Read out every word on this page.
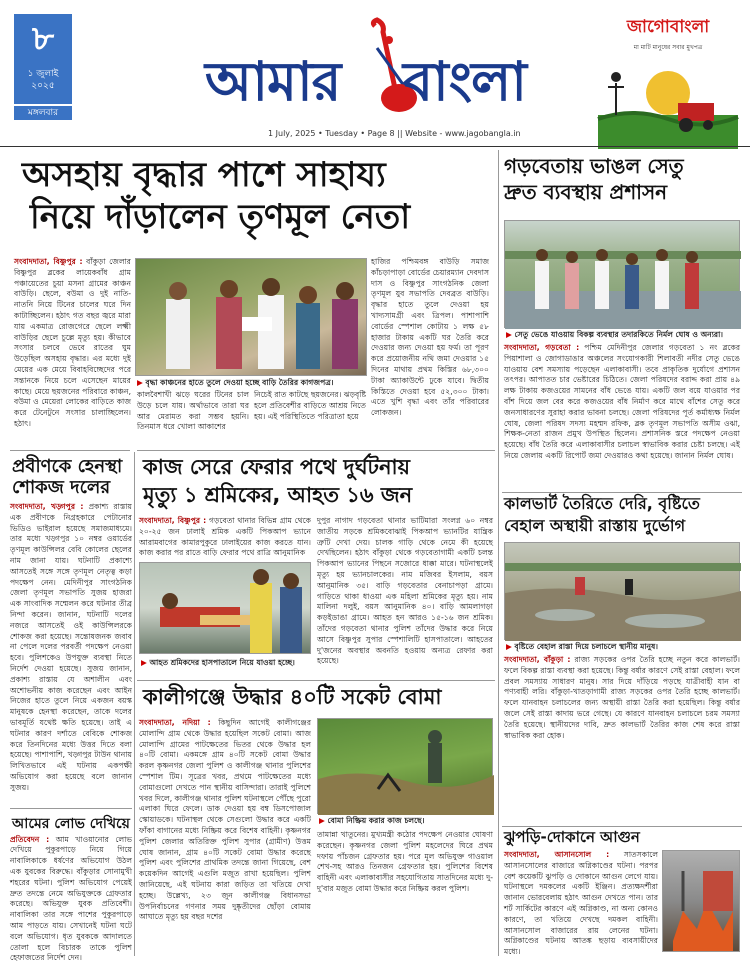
৮
১ জুলাই ২০২৫
মঙ্গলবার	আমার বাংলা
1 July, 2025 • Tuesday • Page 8 || Website - www.jagobangla.in
জাগোবাংলা
মা মাটি মানুষের সবার মুখপত্র
অসহায় বৃদ্ধার পাশে সাহায্য
নিয়ে দাঁড়ালেন তৃণমূল নেতা
সংবাদদাতা, বিষ্ণুপুর : বাঁকুড়া জেলার বিষ্ণুপুর ব্লকের লায়েকবাঁধ গ্রাম পঞ্চায়েতের চুয়া মসনা গ্রামের কাঞ্চন বাউড়ি। ছেলে, বউমা ও দুই নাতি-নাতনি নিয়ে টিনের চালের ঘরে দিন কাটাচ্ছিলেন। হঠাৎ গত বছর জ্বরে মারা যায় একমাত্র রোজগেরে ছেলে লক্ষ্মী বাউড়ির ছেলে চুল্লে মৃত্যু হয়। কীভাবে সংসার চলবে ভেবে রাতের ঘুম উড়েছিল অসহায় বৃদ্ধার। এর মধ্যে দুই মেয়ের এক মেয়ে বিবাহবিচ্ছেদের পরে সন্তানকে নিয়ে চলে এসেছেন মায়ের কাছে। মেয়ে ছয়জনের পরিবারে কাঞ্চন, বউমা ও মেয়েরা লোকের বাড়িতে কাজ করে টেনেটুনে সংসার চালাচ্ছিলেন। হঠাৎ।
▶ বৃদ্ধা কাঞ্চনের হাতে তুলে দেওয়া হচ্ছে বাড়ি তৈরির কাগজপত্র।
কালবৈশাখী ঝড়ে ঘরের টিনের চাল উড়ে চলে যায়। অর্থাভাবে তারা ঘর আর মেরামত করা সম্ভব হয়নি। তিনমাস ধরে খোলা আকাশের
নিচেই রাত কাটছে ছয়জনের। ঝড়বৃষ্টি হলে প্রতিবেশীর বাড়িতে আশ্রয় নিতে হয়। এই পরিস্থিতিতে পরিত্রাতা হয়ে
হাজির পশ্চিমবঙ্গ বাউড়ি সমাজ কাঁচড়াপাড়া বোর্ডের চেয়ারম্যান দেবদাস দাস ও বিষ্ণুপুর সাংগঠনিক জেলা তৃণমূল যুব সভাপতি দেবব্রত বাউড়ি। বৃদ্ধার হাতে তুলে দেওয়া হয় খাদ্যসামগ্রী এবং ত্রিপল। পাশাপাশি বোর্ডের স্পেশাল কোটায় ১ লক্ষ ৫৮ হাজার টাকায় একটি ঘর তৈরি করে দেওয়ার জন্য দেওয়া হয় ফর্ম। তা পূরণ করে প্রয়োজনীয় নথি জমা দেওয়ার ১৫ দিনের মাথায় প্রথম কিস্তির ৬৮,৩০০ টাকা অ্যাকাউন্টে ঢুকে যাবে। দ্বিতীয় কিস্তিতে দেওয়া হবে ৫২,৩০০ টাকা। এতে খুশি বৃদ্ধা এবং তাঁর পরিবারের লোকজন।
প্রবীণকে হেনস্থা শোকজ দলের
সংবাদদাতা, খড়্গপুর : প্রকাশ্য রাস্তায় এক প্রবীণকে নিগ্রহকারে পেটানোর ভিডিও ভাইরাল হয়েছে সমাজমাধ্যমে। তার মধ্যে খড়্গপুর ১০ নম্বর ওয়ার্ডের তৃণমূল কাউন্সিলর বেবি কোলের ছেলের নাম জানা যায়। ঘটনাটি প্রকাশ্যে আসতেই সঙ্গে সঙ্গে তৃণমূল নেতৃত্ব কড়া পদক্ষেপ নেন। মেদিনীপুর সাংগঠনিক জেলা তৃণমূল সভাপতি সুজয় হাজরা এক সাংবাদিক সম্মেলন করে ঘটনার তীব্র নিন্দা করেন। জানান, ঘটনাটি দলের নজরে আসতেই ওই কাউন্সিলরকে শোকজ করা হয়েছে। সন্তোষজনক জবাব না পেলে দলের পরবর্তী পদক্ষেপ নেওয়া হবে। পুলিশকেও উপযুক্ত ব্যবস্থা নিতে নির্দেশ দেওয়া হয়েছে। সুজয় জানান, প্রকাশ্য রাস্তায় যে অশালীন এবং অশোভনীয় কাজ করেছেন এবং আইন নিজের হাতে তুলে নিয়ে একজন বয়স্ক মানুষকে হেনস্থা করেছেন, তাকে দলের ভাবমূর্তি যথেষ্ট ক্ষতি হয়েছে। তাই এ ঘটনার কারণ দর্শাতে বেবিকে শোকজ করে তিনদিনের মধ্যে উত্তর দিতে বলা হয়েছে। পাশাপাশি, খড়্গপুর টাউন থানায় লিখিতভাবে এই ঘটনায় একপক্ষী অভিযোগ করা হয়েছে বলে জানান সুজয়।
আমের লোভ দেখিয়ে
প্রতিবেদন : আম খাওয়ানোর লোভ দেখিয়ে পুকুরপাড়ে নিয়ে গিয়ে নাবালিকাকে ধর্ষণের অভিযোগ উঠল এক যুবকের বিরুদ্ধে। বাঁকুড়ার সোনামুখী শহরের ঘটনা। পুলিশ অভিযোগ পেয়েই দ্রুত তদন্তে নেমে অভিযুক্তকে গ্রেফতার করেছে। অভিযুক্ত যুবক প্রতিবেশী। নাবালিকা তার সঙ্গে পাশের পুকুরপাড়ে আম পাড়তে যায়। সেখানেই ঘটনা ঘটে বলে অভিযোগ। ধৃত যুবককে আদালতে তোলা হলে বিচারক তাকে পুলিশ হেফাজতের নির্দেশ দেন।
কাজ সেরে ফেরার পথে দুর্ঘটনায়
মৃত্যু ১ শ্রমিকের, আহত ১৬ জন
সংবাদদাতা, বিষ্ণুপুর : গড়বেতা থানার বিভিন্ন গ্রাম থেকে ২০-২৫ জন ঢালাই শ্রমিক একটি পিকআপ ভ্যানে আরামবাগের কামারপুকুরে ঢালাইয়ের কাজ করতে যান। কাজ করার পর রাতে বাড়ি ফেরার পথে রাত্রি আনুমানিক
▶ আহত শ্রমিকদের হাসপাতালে নিয়ে যাওয়া হচ্ছে।
দুপুর নাগাদ গড়বেতা থানার ভাটিমারা সংলগ্ন ৬০ নম্বর জাতীয় সড়কে শ্রমিকবোঝাই পিকআপ ভ্যানটির যান্ত্রিক ত্রুটি দেখা দেয়। চালক গাড়ি থেকে নেমে কী হয়েছে দেখছিলেন। হঠাৎ বাঁকুড়া থেকে গড়বেতাগামী একটি চলন্ত পিকআপ ভ্যানের পিছনে সজোরে ধাক্কা মারে। ঘটনাস্থলেই মৃত্যু হয় ভ্যানচালকের। নাম মজিবর ইসলাম, বয়স আনুমানিক ৩৫। বাড়ি গড়বেতার বেনাচাপড়া গ্রামে। গাড়িতে থাকা ধাওয়া এক মহিলা শ্রমিকের মৃত্যু হয়। নাম মালিনা দলুই, বয়স আনুমানিক ৪০। বাড়ি আমলাগড়া কড়ইডাঙা গ্রামে। আহত হন আরও ১৫-১৬ জন শ্রমিক। তাঁদের গড়বেতা থানার পুলিশ তাঁদের উদ্ধার করে নিয়ে আসে বিষ্ণুপুর সুপার স্পেশালিটি হাসপাতালে। আহতের দু'জনের অবস্থার অবনতি হওয়ায় অন্যত্র রেফার করা হয়েছে।
কালীগঞ্জে উদ্ধার ৪০টি সকেট বোমা
সংবাদদাতা, নদিয়া : কিছুদিন আগেই কালীগঞ্জের মোলান্দি গ্রাম থেকে উদ্ধার হয়েছিল সকেট বোমা। আজ মোলান্দি গ্রামের পাটক্ষেতের ভিতর থেকে উদ্ধার হল ৪০টি বোমা। একমঙ্গে গ্রাম ৪০টি সকেট বোমা উদ্ধার করল কৃষ্ণনগর জেলা পুলিশ ও কালীগঞ্জ থানার পুলিশের স্পেশাল টিম। সূত্রের খবর, প্রথমে পাটক্ষেতের মধ্যে বোমাগুলো দেখতে পান স্থানীয় বাসিন্দারা। তারাই পুলিশে খবর দিলে, কালীগঞ্জ থানার পুলিশ ঘটনাস্থলে পৌঁছে পুরো এলাকা ঘিরে ফেলে। ডাক দেওয়া হয় বম্ব ডিসপোজাল স্কোয়াডকে। ঘটনাস্থল থেকে সেগুলো উদ্ধার করে একটি ফাঁকা বাগানের মধ্যে নিষ্ক্রিয় করে বিশেষ বাহিনী। কৃষ্ণনগর পুলিশ জেলার অতিরিক্ত পুলিশ সুপার (গ্রামীণ) উত্তম ঘোষ জানান, গ্রাম ৪০টি সকেট বোমা উদ্ধার করেছে পুলিশ এবং পুলিশের প্রাথমিক তদন্তে জানা গিয়েছে, বেশ কয়েকদিন আগেই এগুলি মজুত রাখা হয়েছিল। পুলিশ জানিয়েছে, এই ঘটনায় কারা জড়িত তা খতিয়ে দেখা হচ্ছে। উল্লেখ্য, ২৩ জুন কালীগঞ্জ বিধানসভা উপনির্বাচনের গণনার সময় দুষ্কৃতীদের ছোঁড়া বোমায় আঘাতে মৃত্যু হয় বছর দশের
▶ বোমা নিষ্ক্রিয় করার কাজ চলছে।
তামান্না খাতুনের। মুখ্যমন্ত্রী কঠোর পদক্ষেপ নেওয়ার ঘোষণা করেছেন। কৃষ্ণনগর জেলা পুলিশ মহলেদের ঘিরে প্রথম দফায় পাঁচজন গ্রেফতার হয়। পরে মূল অভিযুক্ত গাওয়াল শেখ-সহ আরও তিনজন গ্রেফতার হয়। পুলিশের বিশেষ বাহিনী এবং এলাকাবাসীর সহযোগিতায় সাতদিনের মধ্যে দু-দু'বার মজুত বোমা উদ্ধার করে নিষ্ক্রিয় করল পুলিশ।
গড়বেতায় ভাঙল সেতু
দ্রুত ব্যবস্থায় প্রশাসন
▶ সেতু ভেঙে যাওয়ায় বিকল্প ব্যবস্থার তদারকিতে নির্মল ঘোষ ও অন্যরা।
সংবাদদাতা, গড়বেতা : পশ্চিম মেদিনীপুর জেলার গড়বেতা ১ নং ব্লকের পিয়াশালা ও জোগাডাঙার অঞ্চলের সংযোগকারী শিলাবতী নদীর সেতু ভেঙে যাওয়ায় বেশ সমস্যায় পড়েছেন এলাকাবাসী। তবে প্রাকৃতিক দুর্যোগে প্রশাসন তৎপর। আপাতত চার ভেষ্টারের চিঠিতে। জেলা পরিষদের বরাদ্দ করা প্রায় ৪৯ লক্ষ টাকায় কজওয়ের সামনের বাঁধ ভেঙে যায়। একটি জল বয়ে যাওয়ার পর বাঁশ দিয়ে জল বের করে কজওয়ের বাঁধ নির্মাণ করে মাথে বাঁশের সেতু করে জনসাধারণের সুরাহা করার ভাবনা চলছে। জেলা পরিষদের পূর্ত কর্মাধ্যক্ষ নির্মল ঘোষ, জেলা পরিষদ সদস্য মহম্মদ রফিক, ব্লক তৃণমূল সভাপতি অসীম ওঝা, শিক্ষক-নেতা রাজন প্রমুখ উপস্থিত ছিলেন। প্রশাসনিক স্তরে পদক্ষেপ নেওয়া হয়েছে। বাঁধ তৈরি করে এলাকাবাসীর চলাচল স্বাভাবিক করার চেষ্টা চলছে। এই নিয়ে জেলায় একটি রিপোর্ট জমা দেওয়ারও কথা হয়েছে। জানান নির্মল ঘোষ।
কালভার্ট তৈরিতে দেরি, বৃষ্টিতে
বেহাল অস্থায়ী রাস্তায় দুর্ভোগ
▶ বৃষ্টিতে বেহাল রাস্তা দিয়ে চলাচলে স্থানীয় মানুষ।
সংবাদদাতা, বাঁকুড়া : রাজ্য সড়কের ওপর তৈরি হচ্ছে নতুন করে কালভার্ট। ফলে বিকল্প রাস্তা ব্যবস্থা করা হয়েছে। কিন্তু বর্ষার কারণে সেই রাস্তা বেহাল। ফলে প্রবল সমস্যায় সাধারণ মানুষ। সার দিয়ে দাঁড়িয়ে পড়ছে যাত্রীবাহী যান বা পণ্যবাহী লরি। বাঁকুড়া-খাতড়াগামী রাজ্য সড়কের ওপর তৈরি হচ্ছে কালভার্ট। ফলে যানবাহন চলাচলের জন্য অস্থায়ী রাস্তা তৈরি করা হয়েছিল। কিন্তু বর্ষার জলে সেই রাস্তা কাদায় ভরে গেছে। যে কারণে যানবাহন চলাচলে চরম সমস্যা তৈরি হয়েছে। স্থানীয়দের দাবি, দ্রুত কালভার্ট তৈরির কাজ শেষ করে রাস্তা স্বাভাবিক করা হোক।
ঝুপড়ি-দোকানে আগুন
সংবাদদাতা, আসানসোল : সাতসকালে আসানসোলের বাজারে অগ্নিকাণ্ডের ঘটনা। পরপর বেশ কয়েকটি ঝুপড়ি ও দোকানে আগুন লেগে যায়। ঘটনাস্থলে দমকলের একটি ইঞ্জিন। প্রত্যক্ষদর্শীরা জানান ভোরবেলায় হঠাৎ আগুন দেখতে পান। তার শর্ট সার্কিটের কারণে এই অগ্নিকাণ্ড, না অন্য কোনও কারণে, তা খতিয়ে দেখছে দমকল বাহিনী। আসানসোল বাজারের রায় লেনের ঘটনা। অগ্নিকাণ্ডের ঘটনায় আতঙ্ক ছড়ায় ব্যবসায়ীদের মধ্যে।
